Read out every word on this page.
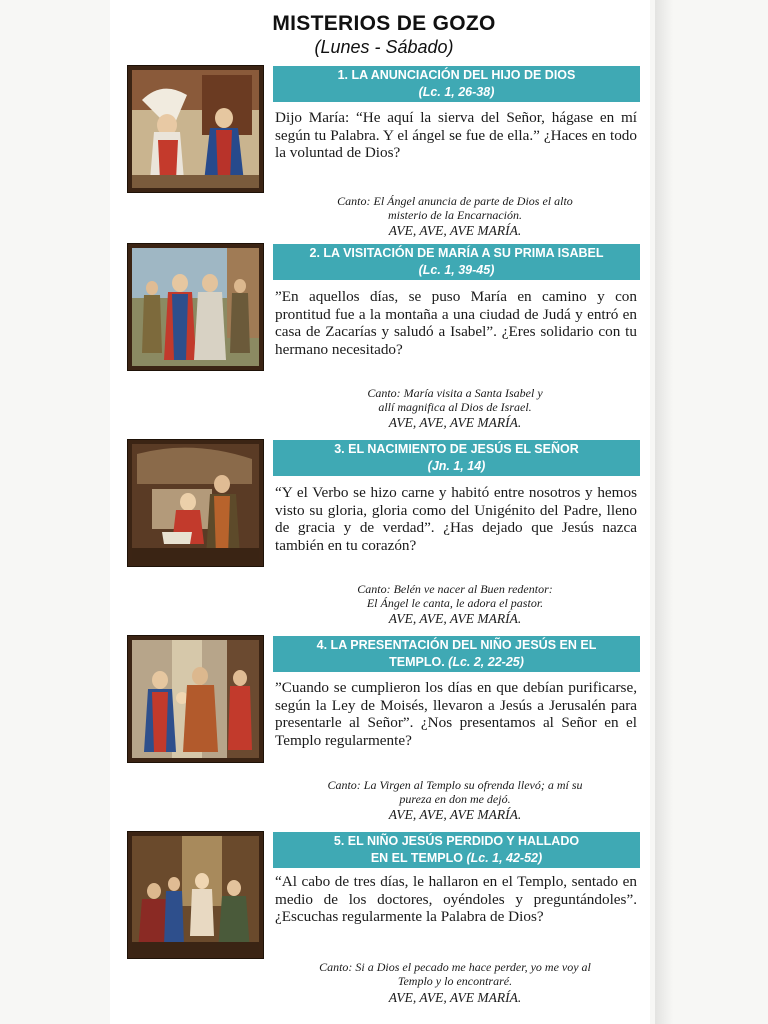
MISTERIOS DE GOZO
(Lunes - Sábado)
1. LA ANUNCIACIÓN DEL HIJO DE DIOS
(Lc. 1, 26-38)
Dijo María: “He aquí la sierva del Señor, hágase en mí según tu Palabra. Y el ángel se fue de ella.” ¿Haces en todo la voluntad de Dios?
Canto: El Ángel anuncia de parte de Dios el alto
misterio de la Encarnación.
AVE, AVE, AVE MARÍA.
2. LA VISITACIÓN DE MARÍA A SU PRIMA ISABEL
(Lc. 1, 39-45)
”En aquellos días, se puso María en camino y con prontitud fue a la montaña a una ciudad de Judá y entró en casa de Zacarías y saludó a Isabel”. ¿Eres solidario con tu hermano necesitado?
Canto: María visita a Santa Isabel y
allí magnifica al Dios de Israel.
AVE, AVE, AVE MARÍA.
3. EL NACIMIENTO DE JESÚS EL SEÑOR
(Jn. 1, 14)
“Y el Verbo se hizo carne y habitó entre nosotros y hemos visto su gloria, gloria como del Unigénito del Padre, lleno de gracia y de verdad”. ¿Has dejado que Jesús nazca también en tu corazón?
Canto: Belén ve nacer al Buen redentor:
El Ángel le canta, le adora el pastor.
AVE, AVE, AVE MARÍA.
4. LA PRESENTACIÓN DEL NIÑO JESÚS EN EL
TEMPLO. (Lc. 2, 22-25)
”Cuando se cumplieron los días en que debían purificarse, según la Ley de Moisés, llevaron a Jesús a Jerusalén para presentarle al Señor”. ¿Nos presentamos al Señor en el Templo regularmente?
Canto: La Virgen al Templo su ofrenda llevó; a mí su
pureza en don me dejó.
AVE, AVE, AVE MARÍA.
5. EL NIÑO JESÚS PERDIDO Y HALLADO
EN EL TEMPLO (Lc. 1, 42-52)
“Al cabo de tres días, le hallaron en el Templo, sentado en medio de los doctores, oyéndoles y preguntándoles”. ¿Escuchas regularmente la Palabra de Dios?
Canto: Si a Dios el pecado me hace perder, yo me voy al
Templo y lo encontraré.
AVE, AVE, AVE MARÍA.
